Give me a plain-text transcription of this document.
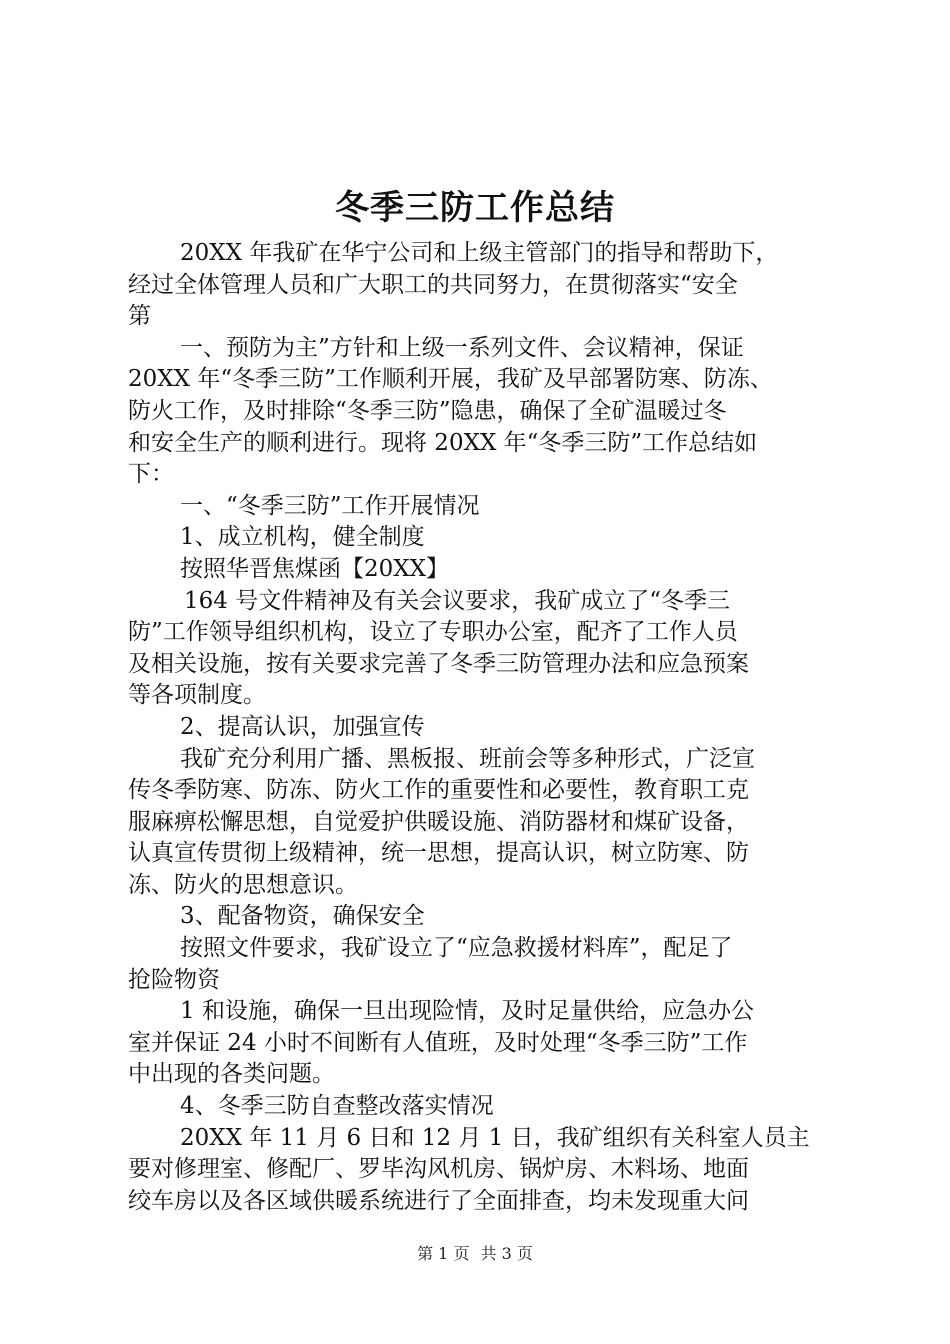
冬季三防工作总结
20XX 年我矿在华宁公司和上级主管部门的指导和帮助下，
经过全体管理人员和广大职工的共同努力，在贯彻落实“安全
第
一、预防为主”方针和上级一系列文件、会议精神，保证
20XX 年“冬季三防”工作顺利开展，我矿及早部署防寒、防冻、
防火工作，及时排除“冬季三防”隐患，确保了全矿温暖过冬
和安全生产的顺利进行。现将 20XX 年“冬季三防”工作总结如
下：
一、“冬季三防”工作开展情况
1、成立机构，健全制度
按照华晋焦煤函【20XX】
164 号文件精神及有关会议要求，我矿成立了“冬季三
防”工作领导组织机构，设立了专职办公室，配齐了工作人员
及相关设施，按有关要求完善了冬季三防管理办法和应急预案
等各项制度。
2、提高认识，加强宣传
我矿充分利用广播、黑板报、班前会等多种形式，广泛宣
传冬季防寒、防冻、防火工作的重要性和必要性，教育职工克
服麻痹松懈思想，自觉爱护供暖设施、消防器材和煤矿设备，
认真宣传贯彻上级精神，统一思想，提高认识，树立防寒、防
冻、防火的思想意识。
3、配备物资，确保安全
按照文件要求，我矿设立了“应急救援材料库”，配足了
抢险物资
1 和设施，确保一旦出现险情，及时足量供给，应急办公
室并保证 24 小时不间断有人值班，及时处理“冬季三防”工作
中出现的各类问题。
4、冬季三防自查整改落实情况
20XX 年 11 月 6 日和 12 月 1 日，我矿组织有关科室人员主
要对修理室、修配厂、罗毕沟风机房、锅炉房、木料场、地面
绞车房以及各区域供暖系统进行了全面排查，均未发现重大问
第 1 页 共 3 页
